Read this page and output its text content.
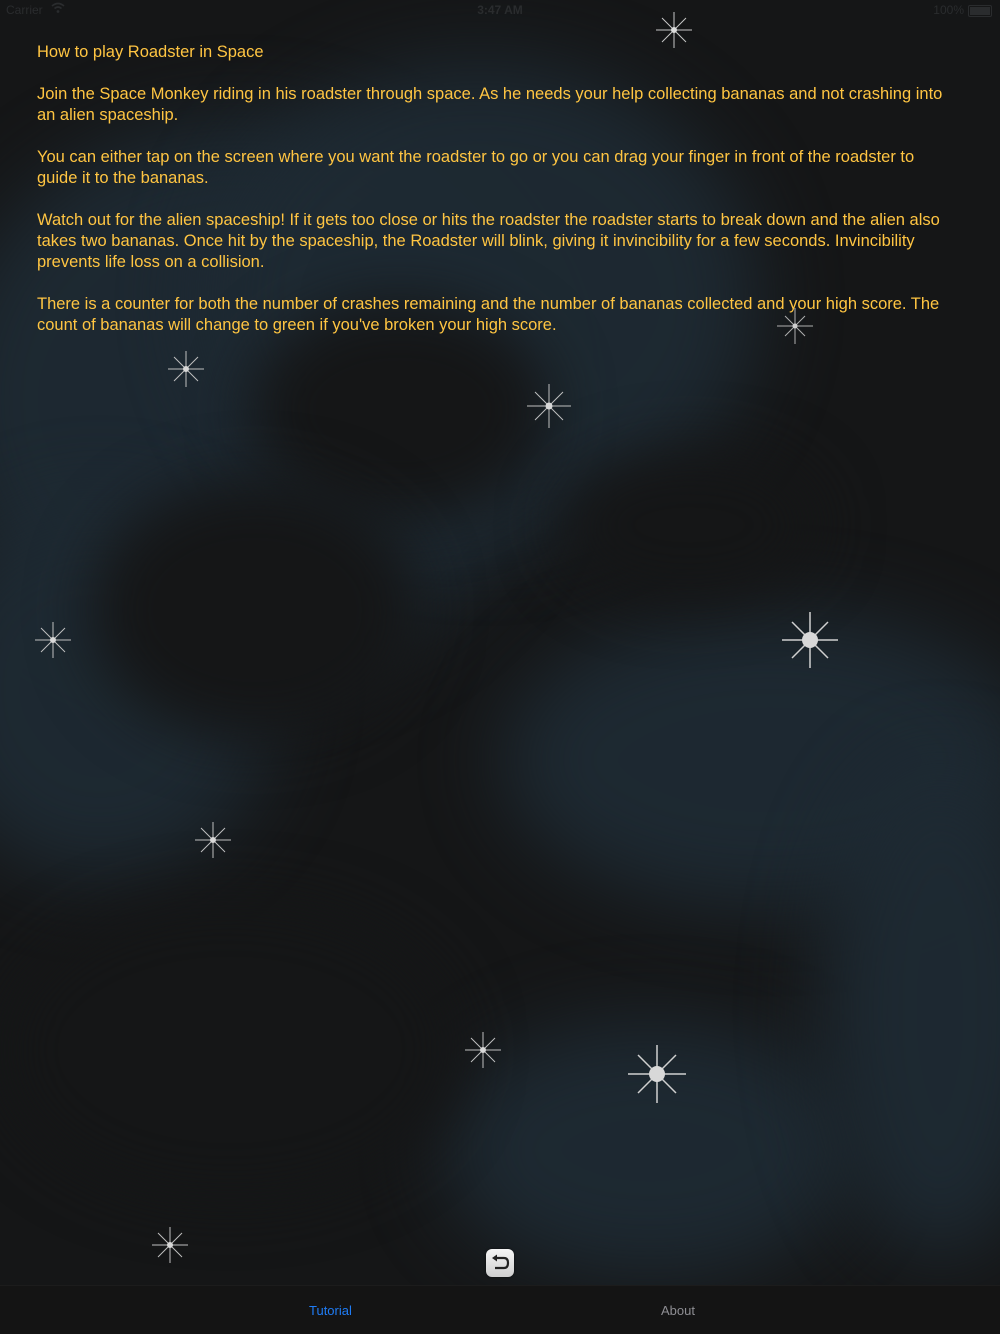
Carrier	3:47 AM	100%

How to play Roadster in Space

Join the Space Monkey riding in his roadster through space. As he needs your help collecting bananas and not crashing into an alien spaceship.

You can either tap on the screen where you want the roadster to go or you can drag your finger in front of the roadster to guide it to the bananas.

Watch out for the alien spaceship! If it gets too close or hits the roadster the roadster starts to break down and the alien also takes two bananas. Once hit by the spaceship, the Roadster will blink, giving it invincibility for a few seconds. Invincibility prevents life loss on a collision.

There is a counter for both the number of crashes remaining and the number of bananas collected and your high score. The count of bananas will change to green if you've broken your high score.

Tutorial	About
